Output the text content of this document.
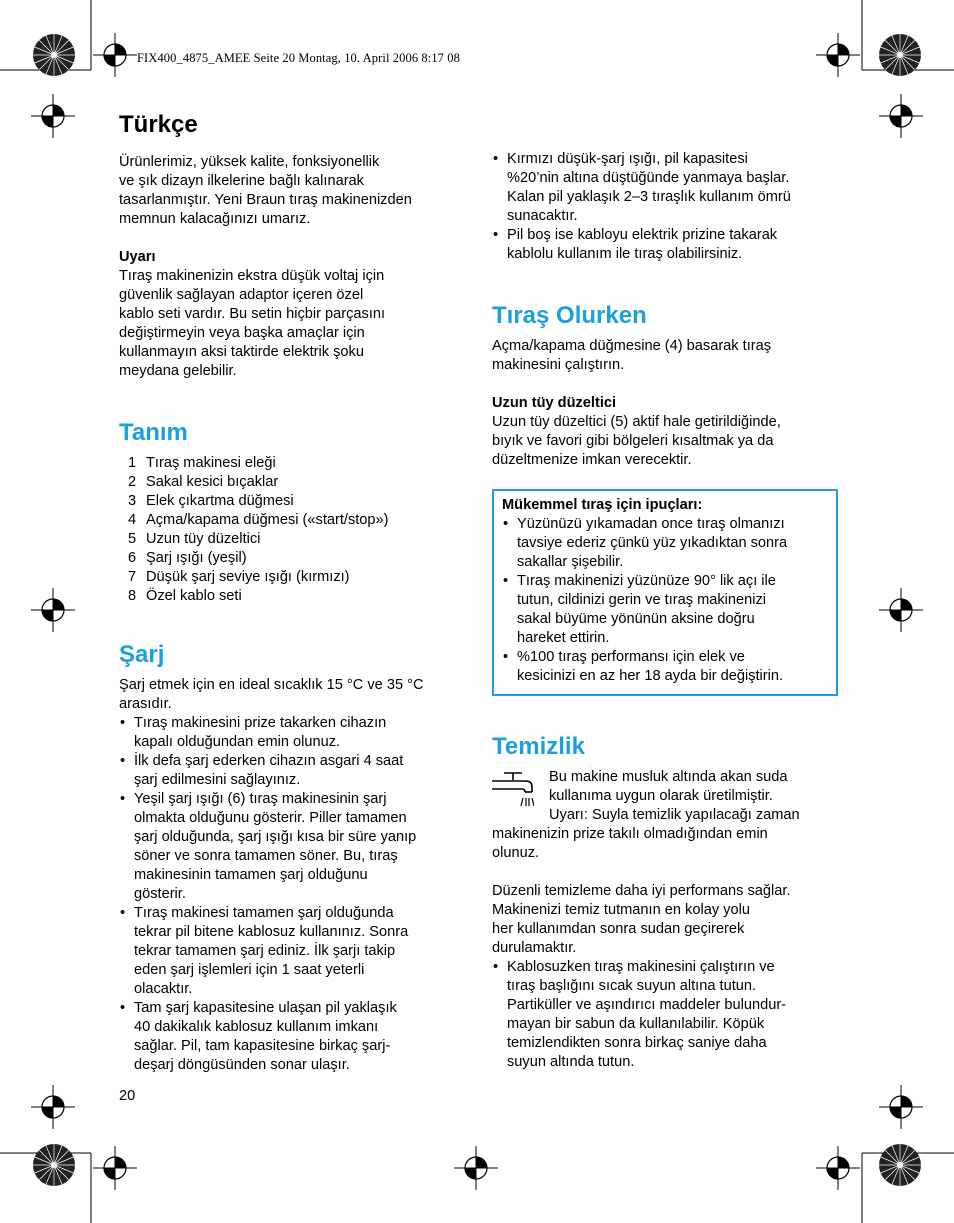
FIX400_4875_AMEE Seite 20 Montag, 10. April 2006 8:17 08
Türkçe

Ürünlerimiz, yüksek kalite, fonksiyonellik
ve şık dizayn ilkelerine bağlı kalınarak
tasarlanmıştır. Yeni Braun tıraş makinenizden
memnun kalacağınızı umarız.

Uyarı

Tıraş makinenizin ekstra düşük voltaj için
güvenlik sağlayan adaptor içeren özel
kablo seti vardır. Bu setin hiçbir parçasını
değiştirmeyin veya başka amaçlar için
kullanmayın aksi taktirde elektrik şoku
meydana gelebilir.

Tanım
1 Tıraş makinesi eleği
2 Sakal kesici bıçaklar
3 Elek çıkartma düğmesi
4 Açma/kapama düğmesi («start/stop»)
5 Uzun tüy düzeltici
6 Şarj ışığı (yeşil)
7 Düşük şarj seviye ışığı (kırmızı)
8 Özel kablo seti
Şarj

Şarj etmek için en ideal sıcaklık 15 °C ve 35 °C
arasıdır.

• Tıraş makinesini prize takarken cihazın
kapalı olduğundan emin olunuz.
• İlk defa şarj ederken cihazın asgari 4 saat
şarj edilmesini sağlayınız.
• Yeşil şarj ışığı (6) tıraş makinesinin şarj
olmakta olduğunu gösterir. Piller tamamen
şarj olduğunda, şarj ışığı kısa bir süre yanıp
söner ve sonra tamamen söner. Bu, tıraş
makinesinin tamamen şarj olduğunu
gösterir.
• Tıraş makinesi tamamen şarj olduğunda
tekrar pil bitene kablosuz kullanınız. Sonra
tekrar tamamen şarj ediniz. İlk şarjı takip
eden şarj işlemleri için 1 saat yeterli
olacaktır.
• Tam şarj kapasitesine ulaşan pil yaklaşık
40 dakikalık kablosuz kullanım imkanı
sağlar. Pil, tam kapasitesine birkaç şarj-
deşarj döngüsünden sonar ulaşır.
20
• Kırmızı düşük-şarj ışığı, pil kapasitesi
%20’nin altına düştüğünde yanmaya başlar.
Kalan pil yaklaşık 2–3 tıraşlık kullanım ömrü
sunacaktır.
• Pil boş ise kabloyu elektrik prizine takarak
kablolu kullanım ile tıraş olabilirsiniz.
Tıraş Olurken

Açma/kapama düğmesine (4) basarak tıraş
makinesini çalıştırın.

Uzun tüy düzeltici

Uzun tüy düzeltici (5) aktif hale getirildiğinde,
bıyık ve favori gibi bölgeleri kısaltmak ya da
düzeltmenize imkan verecektir.

Mükemmel tıraş için ipuçları:

• Yüzünüzü yıkamadan once tıraş olmanızı
tavsiye ederiz çünkü yüz yıkadıktan sonra
sakallar şişebilir.
• Tıraş makinenizi yüzünüze 90° lik açı ile
tutun, cildinizi gerin ve tıraş makinenizi
sakal büyüme yönünün aksine doğru
hareket ettirin.
• %100 tıraş performansı için elek ve
kesicinizi en az her 18 ayda bir değiştirin.
Temizlik

Bu makine musluk altında akan suda
kullanıma uygun olarak üretilmiştir.
Uyarı: Suyla temizlik yapılacağı zaman

makinenizin prize takılı olmadığından emin
olunuz.

Düzenli temizleme daha iyi performans sağlar.
Makinenizi temiz tutmanın en kolay yolu
her kullanımdan sonra sudan geçirerek
durulamaktır.

• Kablosuzken tıraş makinesini çalıştırın ve
tıraş başlığını sıcak suyun altına tutun.
Partiküller ve aşındırıcı maddeler bulundur-
mayan bir sabun da kullanılabilir. Köpük
temizlendikten sonra birkaç saniye daha
suyun altında tutun.
